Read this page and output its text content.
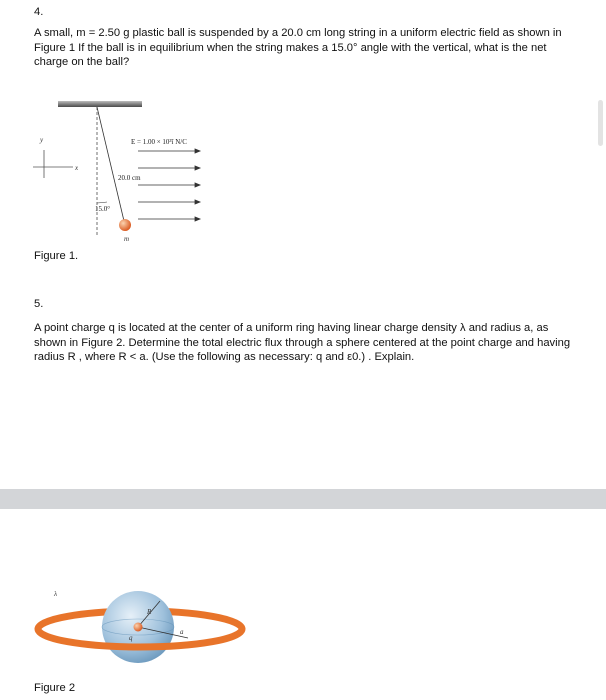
4.
A small, m = 2.50 g plastic ball is suspended by a 20.0 cm long string in a uniform electric field as shown in Figure 1 If the ball is in equilibrium when the string makes a 15.0° angle with the vertical, what is the net charge on the ball?
y
x
E = 1.00 × 10³î N/C
20.0 cm
15.0°
m
Figure 1.
5.
A point charge q is located at the center of a uniform ring having linear charge density λ and radius a, as shown in Figure 2. Determine the total electric flux through a sphere centered at the point charge and having radius R , where R < a. (Use the following as necessary: q and ε0.) . Explain.
λ
R
a
q
Figure 2
